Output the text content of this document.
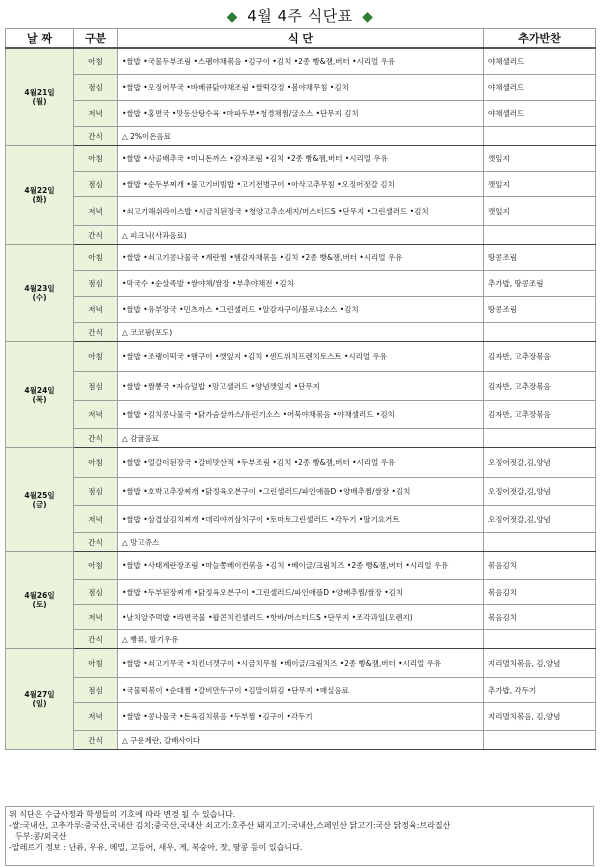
◆ 4월 4주 식단표 ◆
날 짜	구분	식 단	추가반찬

4월21일
(월)	아침	•쌀밥 •국물두부조림 •스팸야채볶음 •김구이 •김치 •2종 빵&잼,버터 •시리얼 우유	야채샐러드
	점심	•쌀밥 •오징어무국 •바베큐닭야채조림 •쌀떡강정 •봄야채무침 •김치	야채샐러드
	저녁	•쌀밥 •홍면국 •맛동산탕수육 •마파두부•청경채찜/굴소스 •단무지 김치	야채샐러드
	간식	△ 2%이온음료	

4월22일
(화)	아침	•쌀밥 •사골배추국 •미니돈까스 •감자조림 •김치 •2종 빵&잼,버터 •시리얼 우유	깻잎지
	점심	•쌀밥 •순두부찌개 •불고기비빔밥 •고기전병구이 •아삭고추무침 •오징어젓갈 김치	깻잎지
	저녁	•쇠고기해쉬라이스밥 •시금치된장국 •청양고추소세지/머스터드S •단무지 •그린샐러드 •김치	깻잎지
	간식	△ 피크닉(사과음료)	

4월23일
(수)	아침	•쌀밥 •쇠고기콩나물국 •계란찜 •햄감자채볶음 •김치 •2종 빵&잼,버터 •시리얼 우유	땅콩조림
	점심	•막국수 •순살족발 •쌈야채/쌈장 •부추야채전 •김치	추가밥, 땅콩조림
	저녁	•쌀밥 •유부장국 •민츠까스 •그린샐러드 •알감자구이/볼로냐소스 •김치	땅콩조림
	간식	△ 코코팜(포도)	

4월24일
(목)	아침	•쌀밥 •조랭이떡국 •햄구이 •깻잎지 •김치 •샌드위치프렌치토스트 •시리얼 우유	김자반, 고추장볶음
	점심	•쌀밥 •짬뽕국 •자슈덮밥 •망고샐러드 •양념깻잎지 •단무지	김자반, 고추장볶음
	저녁	•쌀밥 •김치콩나물국 •닭가슴살까스/유린기소스 •어묵야채볶음 •야채샐러드 •김치	김자반, 고추장볶음
	간식	△ 감귤음료	

4월25일
(금)	아침	•쌀밥 •얼갈이된장국 •갈비맛산적 •두부조림 •김치 •2종 빵&잼,버터 •시리얼 우유	오징어젓갈,김,양념
	점심	•쌀밥 •호박고추장찌개 •닭정육오븐구이 •그린샐러드/파인애플D •양배추찜/쌈장 •김치	오징어젓갈,김,양념
	저녁	•쌀밥 •삼겹살김치찌개 •데리야끼삼치구이 •토마토그린샐러드 •각두기 •딸기요거트	오징어젓갈,김,양념
	간식	△ 망고쥬스	

4월26일
(토)	아침	•쌀밥 •사태계란장조림 •마늘쫑베이컨볶음 •김치 •베이글/크림치즈 •2종 빵&잼,버터 •시리얼 우유	볶음김치
	점심	•쌀밥 •두부된장찌개 •닭정육오븐구이 •그린샐러드/파인애플D •양배추찜/쌈장 •김치	볶음김치
	저녁	•날치알주먹밥 •라면국물 •팝콘치킨샐러드 •핫바/머스터드S •단무지 •조각과일(오렌지)	볶음김치
	간식	△ 빵류, 딸기우유	

4월27일
(일)	아침	•쌀밥 •쇠고기무국 •치킨너겟구이 •시금치무침 •베이글/크림치즈 •2종 빵&잼,버터 •시리얼 우유	지리멸치볶음, 김,양념
	점심	•국물떡볶이 •순대찜 •갈비만두구이 •김말이튀김 •단무지 •매실음료	추가밥, 각두기
	저녁	•쌀밥 •콩나물국 •돈육김치볶음 •두부찜 •김구이 •각두기	지리멸치볶음, 김,양념
	간식	△ 구운계란, 갈배사이다	
위 식단은 수급사정과 학생들의 기호에 따라 변경 될 수 있습니다.
-쌀:국내산, 고추가루:중국산,국내산 김치;중국산,국내산 쇠고기:호주산 돼지고기:국내산,스페인산 닭고기:국산 닭정육:브라질산
두부:콩/외국산
-알레르기 정보 : 난류, 우유, 메밀, 고등어, 새우, 게, 복숭아, 잣, 땅콩 등이 있습니다.
